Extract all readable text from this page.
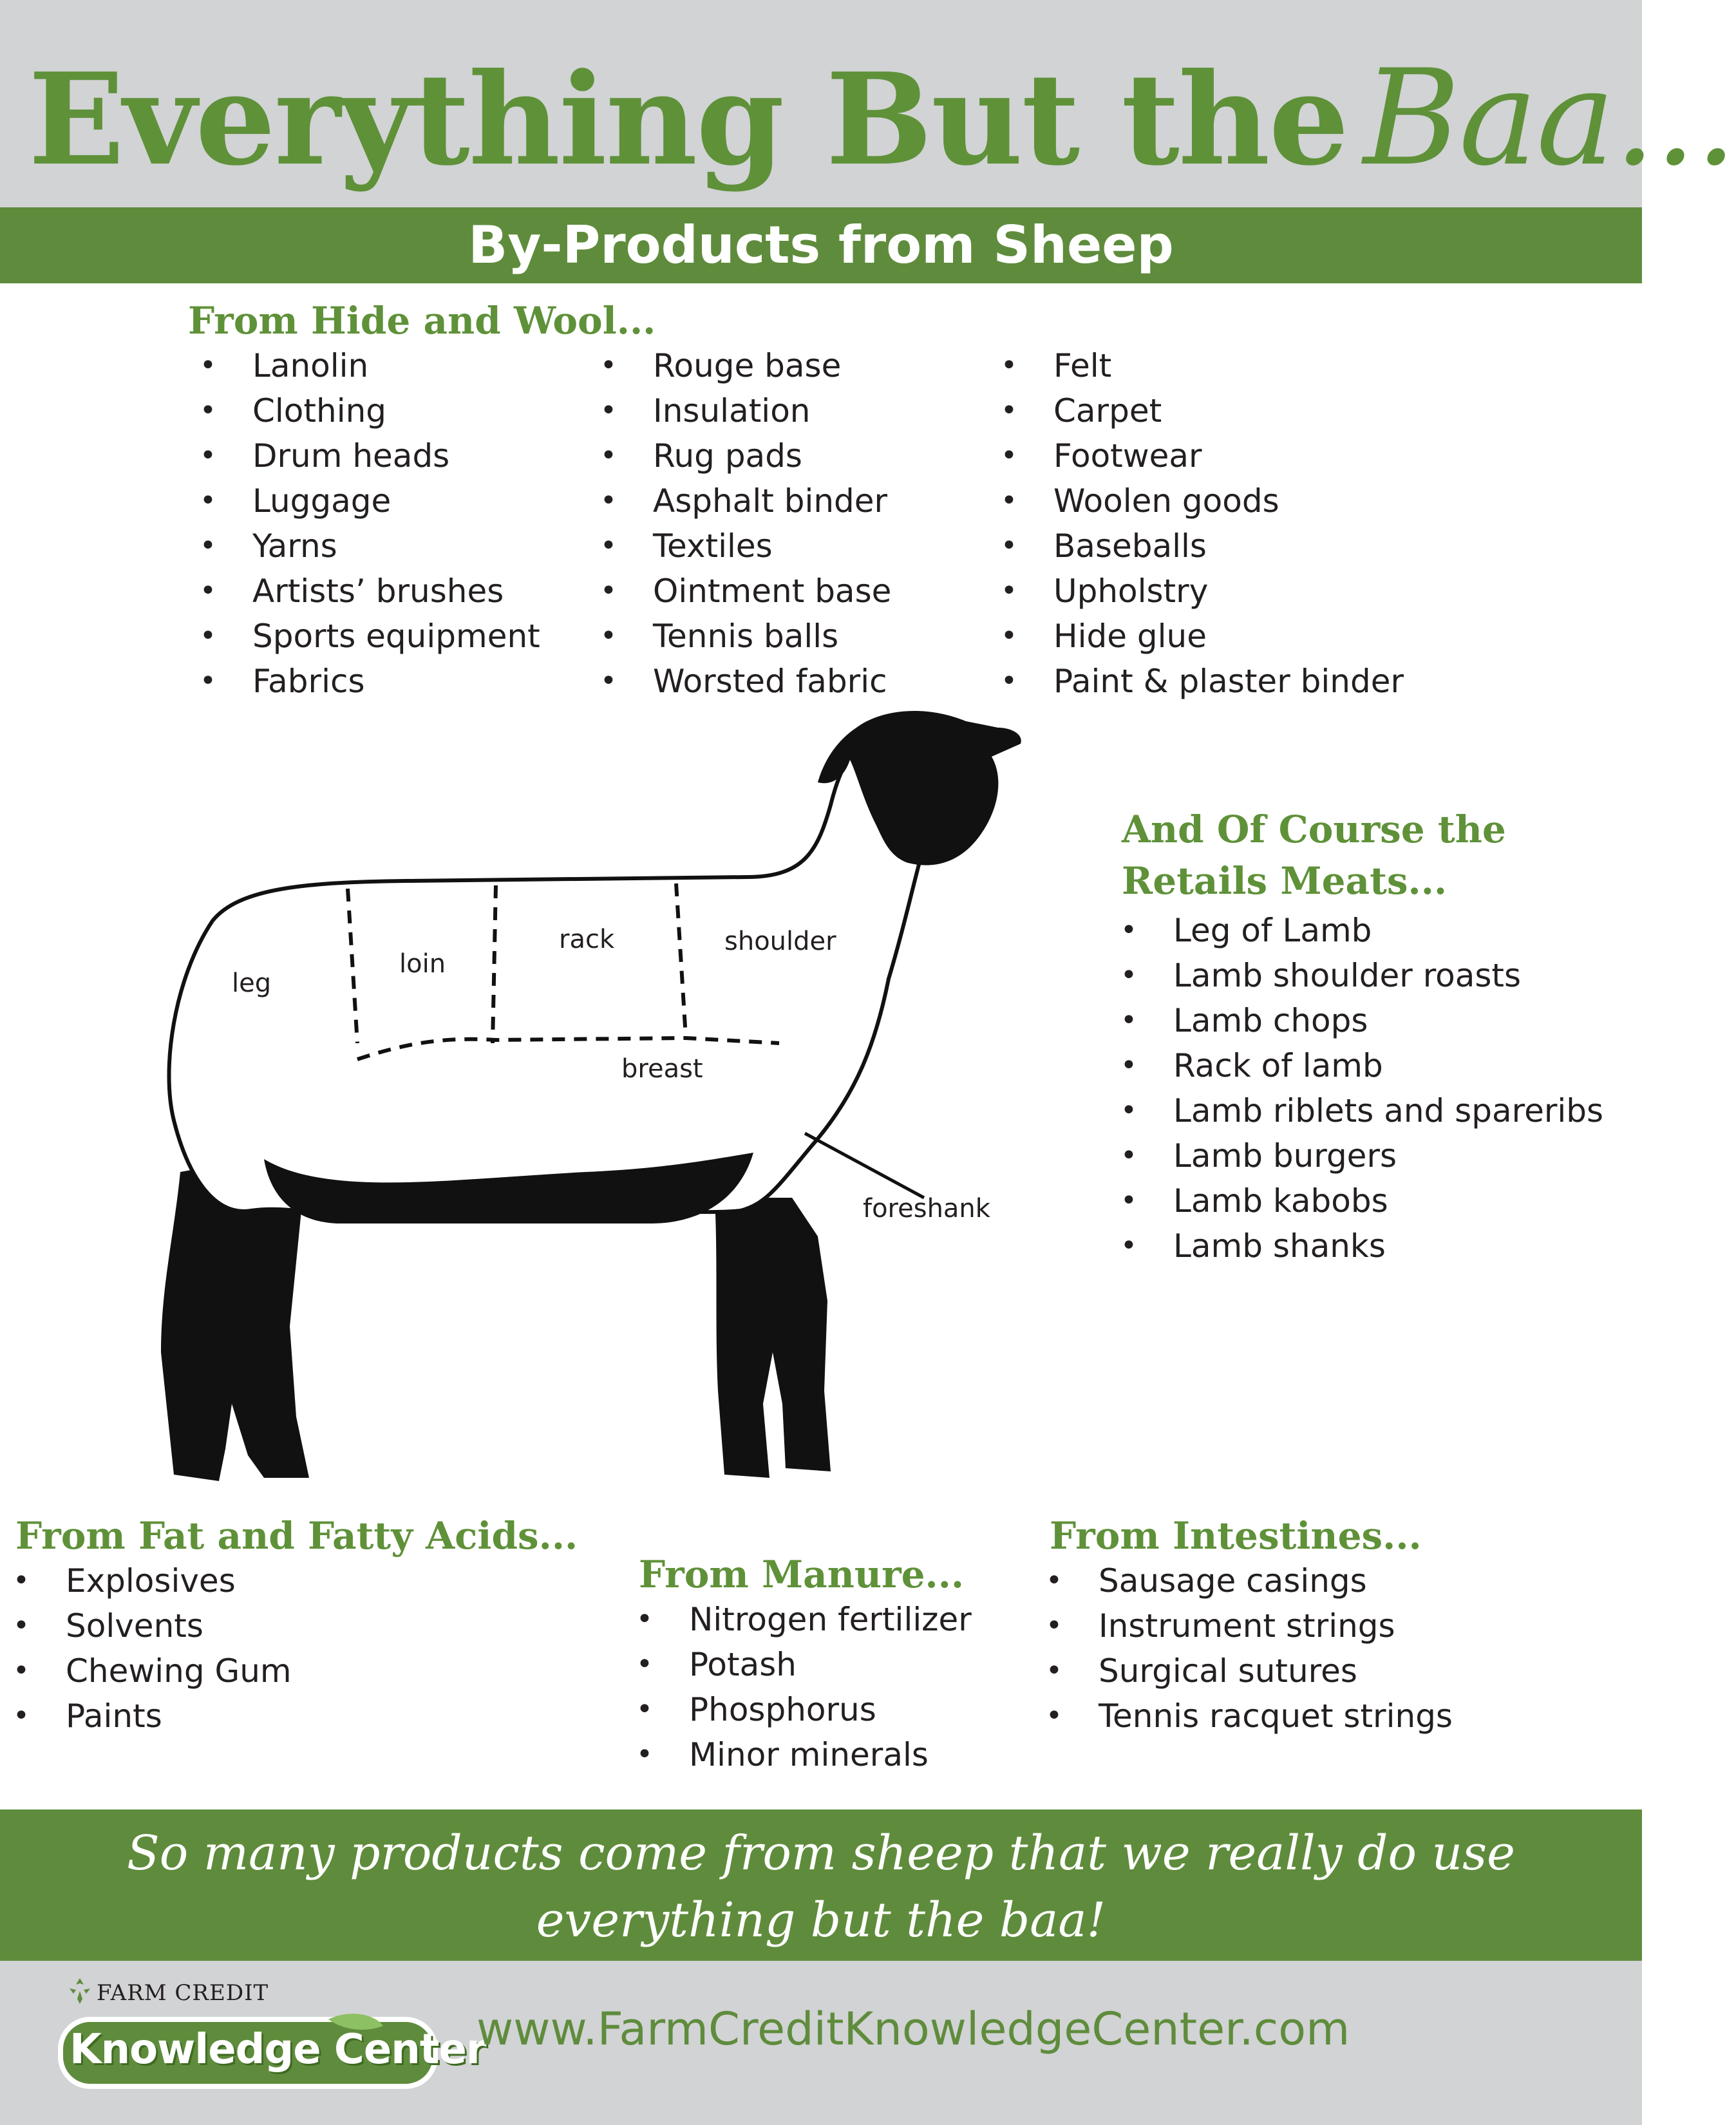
Everything But the Baa...
By-Products from Sheep
From Hide and Wool...
• Lanolin
• Clothing
• Drum heads
• Luggage
• Yarns
• Artists’ brushes
• Sports equipment
• Fabrics
• Rouge base
• Insulation
• Rug pads
• Asphalt binder
• Textiles
• Ointment base
• Tennis balls
• Worsted fabric
• Felt
• Carpet
• Footwear
• Woolen goods
• Baseballs
• Upholstry
• Hide glue
• Paint & plaster binder
leg
loin
rack	shoulder
breast
foreshank
And Of Course the
Retails Meats...
• Leg of Lamb
• Lamb shoulder roasts
• Lamb chops
• Rack of lamb
• Lamb riblets and spareribs
• Lamb burgers
• Lamb kabobs
• Lamb shanks
From Fat and Fatty Acids...
• Explosives
• Solvents
• Chewing Gum
• Paints
From Manure...
• Nitrogen fertilizer
• Potash
• Phosphorus
• Minor minerals
From Intestines...
• Sausage casings
• Instrument strings
• Surgical sutures
• Tennis racquet strings
So many products come from sheep that we really do use
everything but the baa!
FARM CREDIT
Knowledge Center
www.FarmCreditKnowledgeCenter.com
